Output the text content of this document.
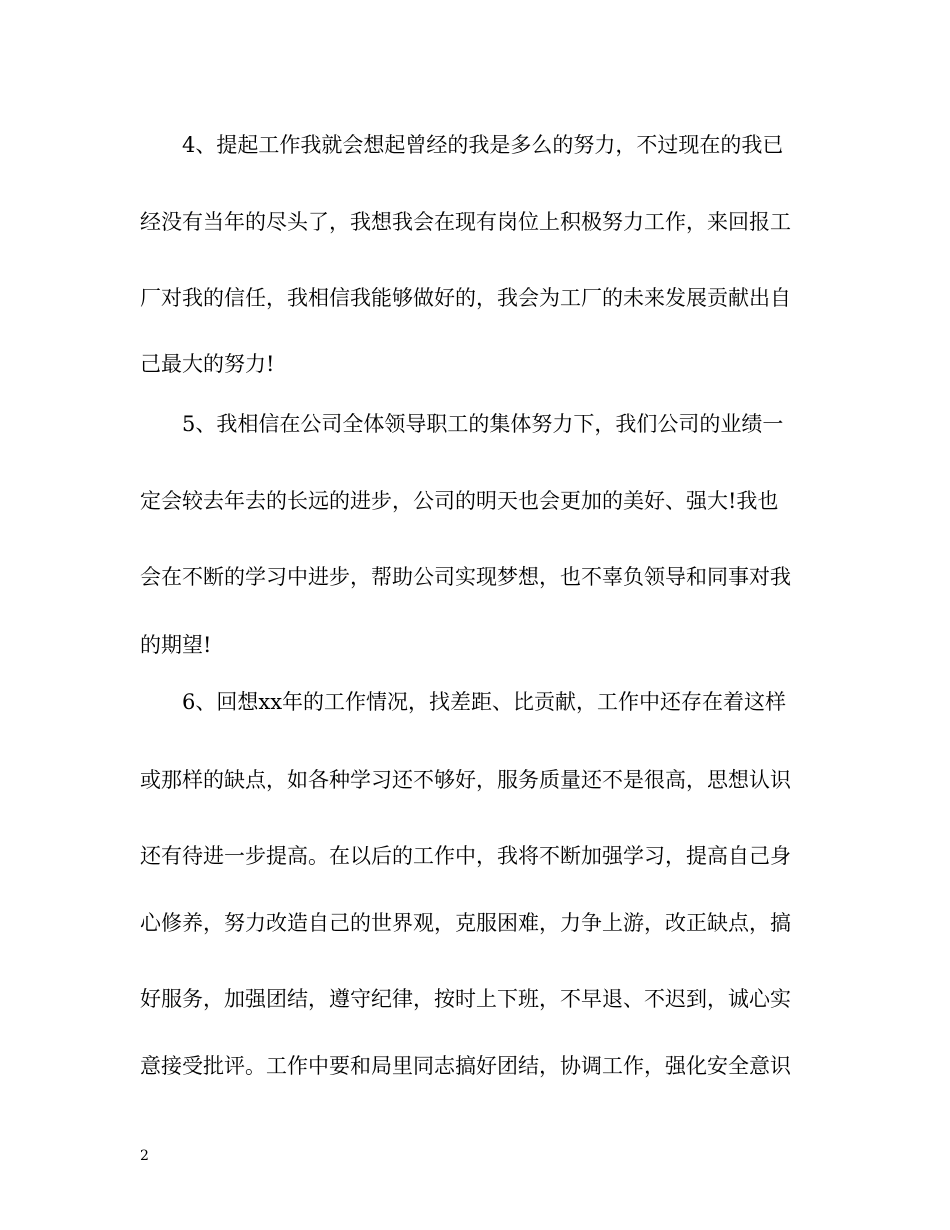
4、提起工作我就会想起曾经的我是多么的努力，不过现在的我已
经没有当年的尽头了，我想我会在现有岗位上积极努力工作，来回报工
厂对我的信任，我相信我能够做好的，我会为工厂的未来发展贡献出自
己最大的努力!
5、我相信在公司全体领导职工的集体努力下，我们公司的业绩一
定会较去年去的长远的进步，公司的明天也会更加的美好、强大!我也
会在不断的学习中进步，帮助公司实现梦想，也不辜负领导和同事对我
的期望!
6、回想xx年的工作情况，找差距、比贡献，工作中还存在着这样
或那样的缺点，如各种学习还不够好，服务质量还不是很高，思想认识
还有待进一步提高。在以后的工作中，我将不断加强学习，提高自己身
心修养，努力改造自己的世界观，克服困难，力争上游，改正缺点，搞
好服务，加强团结，遵守纪律，按时上下班，不早退、不迟到，诚心实
意接受批评。工作中要和局里同志搞好团结，协调工作，强化安全意识
2
